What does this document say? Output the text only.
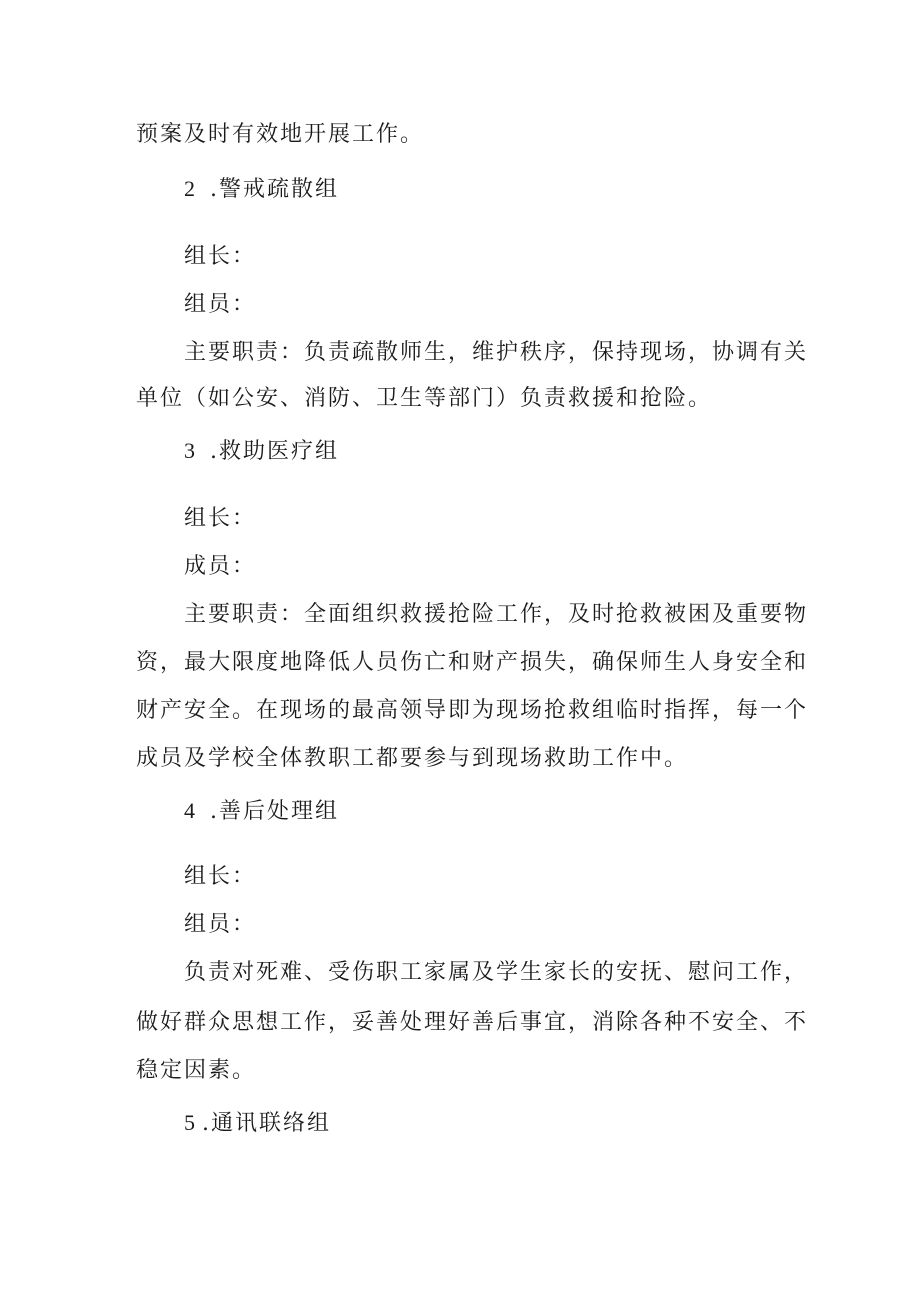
预案及时有效地开展工作。
2 .警戒疏散组
组长：
组员：
主要职责：负责疏散师生，维护秩序，保持现场，协调有关
单位（如公安、消防、卫生等部门）负责救援和抢险。
3 .救助医疗组
组长：
成员：
主要职责：全面组织救援抢险工作，及时抢救被困及重要物
资，最大限度地降低人员伤亡和财产损失，确保师生人身安全和
财产安全。在现场的最高领导即为现场抢救组临时指挥，每一个
成员及学校全体教职工都要参与到现场救助工作中。
4 .善后处理组
组长：
组员：
负责对死难、受伤职工家属及学生家长的安抚、慰问工作，
做好群众思想工作，妥善处理好善后事宜，消除各种不安全、不
稳定因素。
5 .通讯联络组
